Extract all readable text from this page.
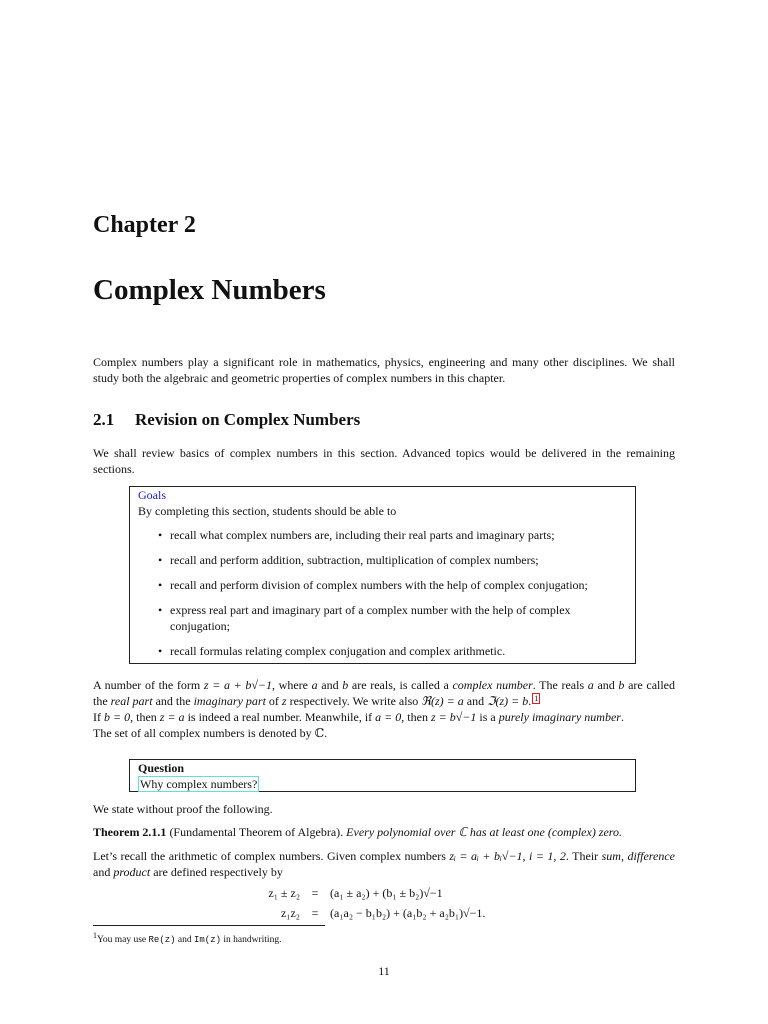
Chapter 2
Complex Numbers
Complex numbers play a significant role in mathematics, physics, engineering and many other disciplines. We shall study both the algebraic and geometric properties of complex numbers in this chapter.
2.1 Revision on Complex Numbers
We shall review basics of complex numbers in this section. Advanced topics would be delivered in the remaining sections.
Goals
By completing this section, students should be able to
• recall what complex numbers are, including their real parts and imaginary parts;
• recall and perform addition, subtraction, multiplication of complex numbers;
• recall and perform division of complex numbers with the help of complex conjugation;
• express real part and imaginary part of a complex number with the help of complex conjugation;
• recall formulas relating complex conjugation and complex arithmetic.
A number of the form z = a + b√−1, where a and b are reals, is called a complex number. The reals a and b are called the real part and the imaginary part of z respectively. We write also ℜ(z) = a and ℑ(z) = b. 1
If b = 0, then z = a is indeed a real number. Meanwhile, if a = 0, then z = b√−1 is a purely imaginary number.
The set of all complex numbers is denoted by ℂ.
Question
Why complex numbers?
We state without proof the following.
Theorem 2.1.1 (Fundamental Theorem of Algebra). Every polynomial over ℂ has at least one (complex) zero.
Let’s recall the arithmetic of complex numbers. Given complex numbers zᵢ = aᵢ + bᵢ√−1, i = 1, 2. Their sum, difference and product are defined respectively by
z₁ ± z₂ = (a₁ ± a₂) + (b₁ ± b₂)√−1
z₁z₂ = (a₁a₂ − b₁b₂) + (a₁b₂ + a₂b₁)√−1.
$^1$You may use Re(z) and Im(z) in handwriting.
11
